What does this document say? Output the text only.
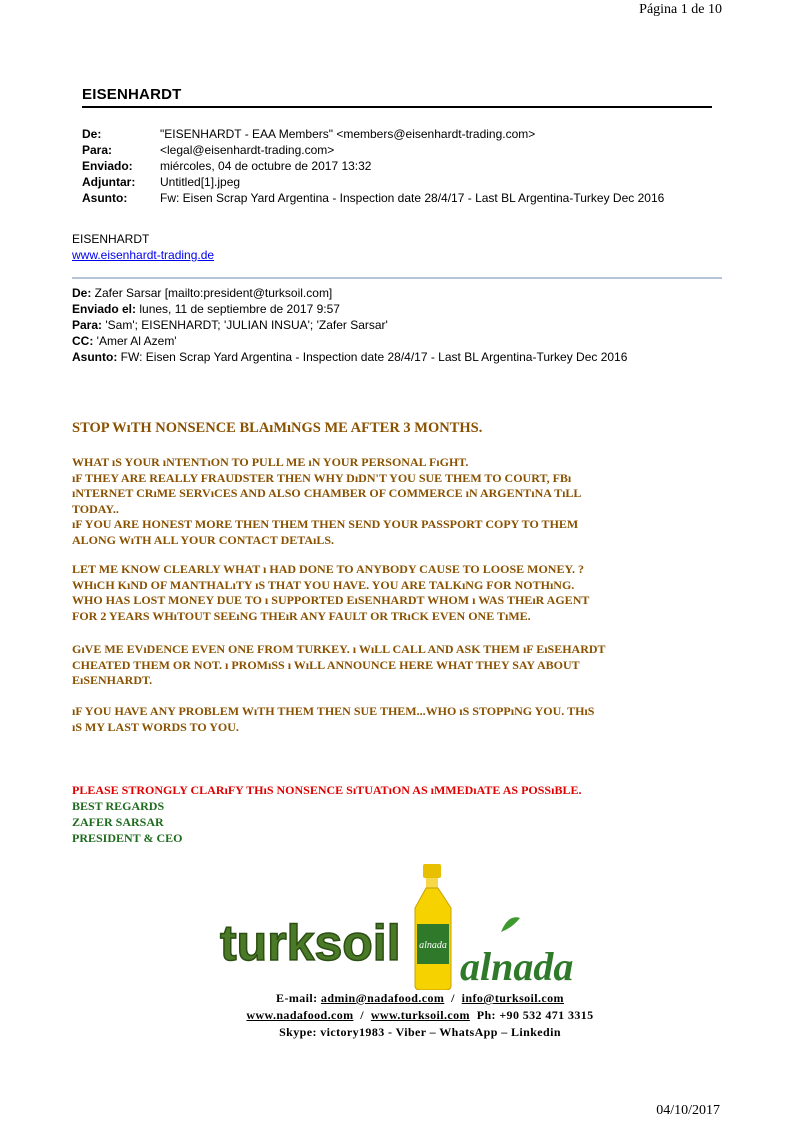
Página 1 de 10
EISENHARDT
De:	"EISENHARDT - EAA Members" <members@eisenhardt-trading.com>
Para:	<legal@eisenhardt-trading.com>
Enviado:	miércoles, 04 de octubre de 2017 13:32
Adjuntar:	Untitled[1].jpeg
Asunto:	Fw: Eisen Scrap Yard Argentina - Inspection date 28/4/17 - Last BL Argentina-Turkey Dec 2016
EISENHARDT
www.eisenhardt-trading.de
De: Zafer Sarsar [mailto:president@turksoil.com]
Enviado el: lunes, 11 de septiembre de 2017 9:57
Para: 'Sam'; EISENHARDT; 'JULIAN INSUA'; 'Zafer Sarsar'
CC: 'Amer Al Azem'
Asunto: FW: Eisen Scrap Yard Argentina - Inspection date 28/4/17 - Last BL Argentina-Turkey Dec 2016
STOP WıTH NONSENCE BLAıMıNGS ME AFTER 3 MONTHS.

WHAT ıS YOUR ıNTENTıON TO PULL ME ıN YOUR PERSONAL FıGHT.

ıF THEY ARE REALLY FRAUDSTER THEN WHY DıDN'T YOU SUE THEM TO COURT, FBı

ıNTERNET CRıME SERVıCES AND ALSO CHAMBER OF COMMERCE ıN ARGENTıNA TıLL

TODAY..

ıF YOU ARE HONEST MORE THEN THEM THEN SEND YOUR PASSPORT COPY TO THEM

ALONG WıTH ALL YOUR CONTACT DETAıLS.

LET ME KNOW CLEARLY WHAT ı HAD DONE TO ANYBODY CAUSE TO LOOSE MONEY. ?

WHıCH KıND OF MANTHALıTY ıS THAT YOU HAVE. YOU ARE TALKıNG FOR NOTHıNG.

WHO HAS LOST MONEY DUE TO ı SUPPORTED EıSENHARDT WHOM ı WAS THEıR AGENT

FOR 2 YEARS WHıTOUT SEEıNG THEıR ANY FAULT OR TRıCK EVEN ONE TıME.

GıVE ME EVıDENCE EVEN ONE FROM TURKEY. ı WıLL CALL AND ASK THEM ıF EıSEHARDT

CHEATED THEM OR NOT. ı PROMıSS ı WıLL ANNOUNCE HERE WHAT THEY SAY ABOUT

EıSENHARDT.

ıF YOU HAVE ANY PROBLEM WıTH THEM THEN SUE THEM...WHO ıS STOPPıNG YOU. THıS

ıS MY LAST WORDS TO YOU.

PLEASE STRONGLY CLARıFY THıS NONSENCE SıTUATıON AS ıMMEDıATE AS POSSıBLE.
BEST REGARDS
ZAFER SARSAR
PRESIDENT & CEO
turksoil alnada alnada
E-mail: admin@nadafood.com  /  info@turksoil.com
www.nadafood.com  /  www.turksoil.com  Ph: +90 532 471 3315
Skype: victory1983 - Viber – WhatsApp – Linkedin
04/10/2017
